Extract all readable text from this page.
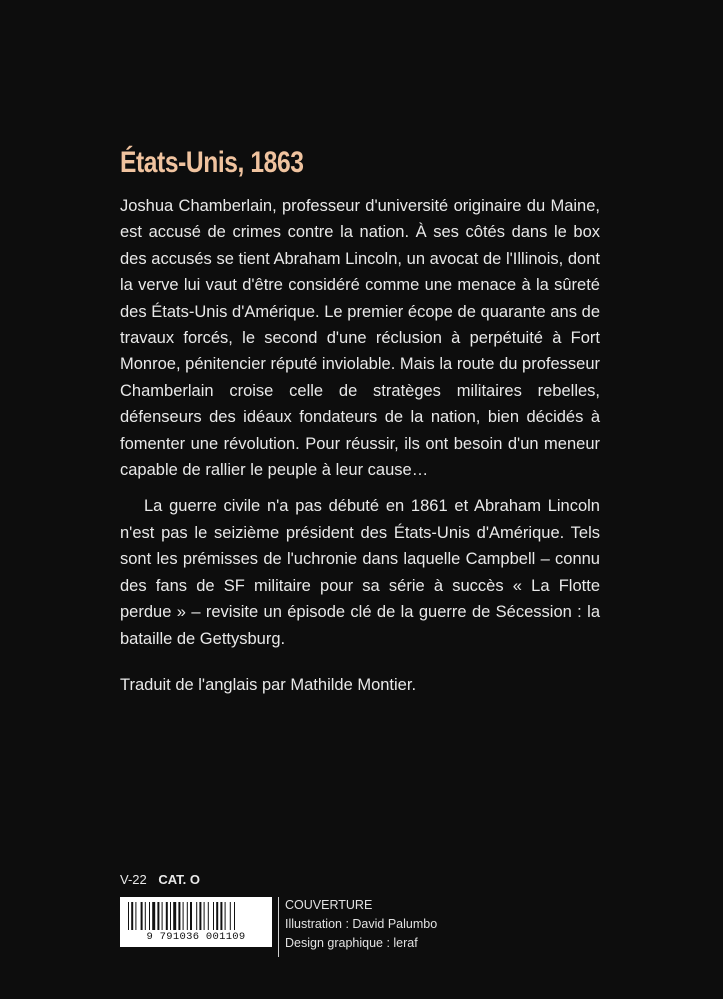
États-Unis, 1863

Joshua Chamberlain, professeur d'université originaire du Maine, est accusé de crimes contre la nation. À ses côtés dans le box des accusés se tient Abraham Lincoln, un avocat de l'Illinois, dont la verve lui vaut d'être considéré comme une menace à la sûreté des États-Unis d'Amérique. Le premier écope de quarante ans de travaux forcés, le second d'une réclusion à perpétuité à Fort Monroe, pénitencier réputé inviolable. Mais la route du professeur Chamberlain croise celle de stratèges militaires rebelles, défenseurs des idéaux fondateurs de la nation, bien décidés à fomenter une révolution. Pour réussir, ils ont besoin d'un meneur capable de rallier le peuple à leur cause…

La guerre civile n'a pas débuté en 1861 et Abraham Lincoln n'est pas le seizième président des États-Unis d'Amérique. Tels sont les prémisses de l'uchronie dans laquelle Campbell – connu des fans de SF militaire pour sa série à succès « La Flotte perdue » – revisite un épisode clé de la guerre de Sécession : la bataille de Gettysburg.

Traduit de l'anglais par Mathilde Montier.

V-22 CAT. O
9 791036 001109
COUVERTURE
Illustration : David Palumbo
Design graphique : leraf
